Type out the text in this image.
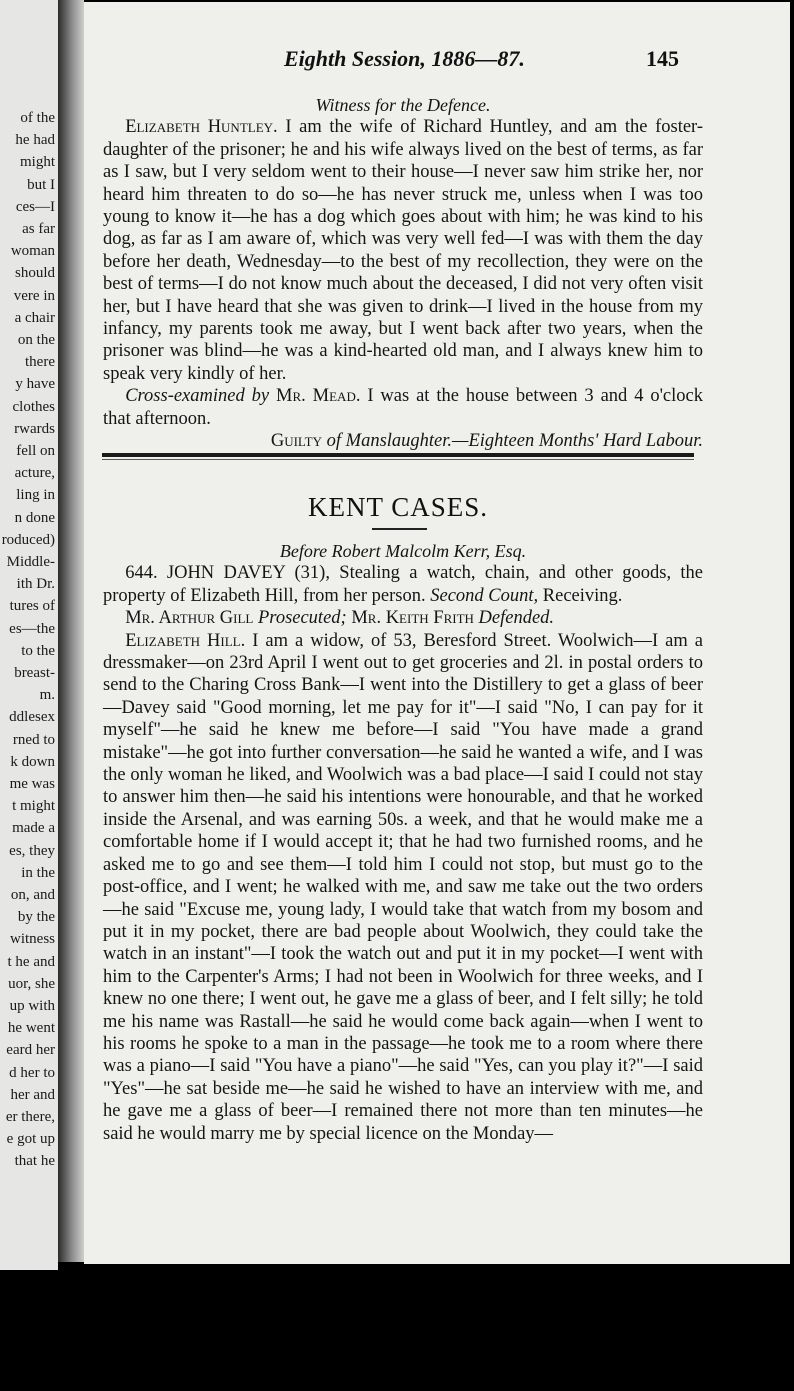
of the
he had
might
but I
ces—I
as far
woman
should
vere in
a chair
on the
there
y have
clothes
rwards
fell on
acture,
ling in
n done
roduced)
Middle-
ith Dr.
tures of
es—the
to the
breast-
m.
ddlesex
rned to
k down
me was
t might
made a
es, they
in the
on, and
by the
witness
t he and
uor, she
up with
he went
eard her
d her to
her and
er there,
e got up
that he
Eighth Session, 1886—87.	145

Witness for the Defence.

Elizabeth Huntley. I am the wife of Richard Huntley, and am the foster-daughter of the prisoner; he and his wife always lived on the best of terms, as far as I saw, but I very seldom went to their house—I never saw him strike her, nor heard him threaten to do so—he has never struck me, unless when I was too young to know it—he has a dog which goes about with him; he was kind to his dog, as far as I am aware of, which was very well fed—I was with them the day before her death, Wednesday—to the best of my recollection, they were on the best of terms—I do not know much about the deceased, I did not very often visit her, but I have heard that she was given to drink—I lived in the house from my infancy, my parents took me away, but I went back after two years, when the prisoner was blind—he was a kind-hearted old man, and I always knew him to speak very kindly of her.

Cross-examined by Mr. Mead. I was at the house between 3 and 4 o'clock that afternoon.

Guilty of Manslaughter.—Eighteen Months' Hard Labour.

KENT CASES.

Before Robert Malcolm Kerr, Esq.

644. JOHN DAVEY (31), Stealing a watch, chain, and other goods, the property of Elizabeth Hill, from her person. Second Count, Receiving.

Mr. Arthur Gill Prosecuted; Mr. Keith Frith Defended.

Elizabeth Hill. I am a widow, of 53, Beresford Street. Woolwich—I am a dressmaker—on 23rd April I went out to get groceries and 2l. in postal orders to send to the Charing Cross Bank—I went into the Distillery to get a glass of beer—Davey said "Good morning, let me pay for it"—I said "No, I can pay for it myself"—he said he knew me before—I said "You have made a grand mistake"—he got into further conversation—he said he wanted a wife, and I was the only woman he liked, and Woolwich was a bad place—I said I could not stay to answer him then—he said his intentions were honourable, and that he worked inside the Arsenal, and was earning 50s. a week, and that he would make me a comfortable home if I would accept it; that he had two furnished rooms, and he asked me to go and see them—I told him I could not stop, but must go to the post-office, and I went; he walked with me, and saw me take out the two orders—he said "Excuse me, young lady, I would take that watch from my bosom and put it in my pocket, there are bad people about Woolwich, they could take the watch in an instant"—I took the watch out and put it in my pocket—I went with him to the Carpenter's Arms; I had not been in Woolwich for three weeks, and I knew no one there; I went out, he gave me a glass of beer, and I felt silly; he told me his name was Rastall—he said he would come back again—when I went to his rooms he spoke to a man in the passage—he took me to a room where there was a piano—I said "You have a piano"—he said "Yes, can you play it?"—I said "Yes"—he sat beside me—he said he wished to have an interview with me, and he gave me a glass of beer—I remained there not more than ten minutes—he said he would marry me by special licence on the Monday—
